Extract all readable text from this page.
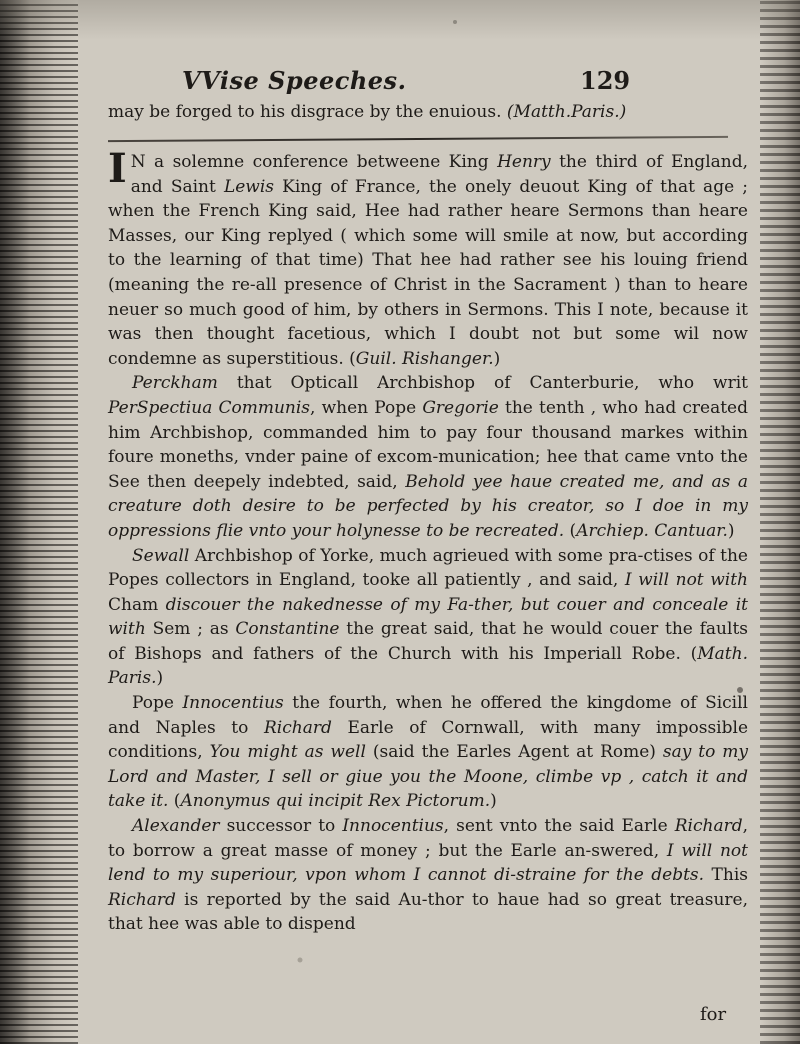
VVise Speeches.	129
may be forged to his disgrace by the enuious. (Matth.Paris.)

I N a solemne conference betweene King Henry the third of England, and Saint Lewis King of France, the onely deuout King of that age ; when the French King said, Hee had rather heare Sermons than heare Masses, our King replyed ( which some will smile at now, but according to the learning of that time) That hee had rather see his louing friend (meaning the re-all presence of Christ in the Sacrament ) than to heare neuer so much good of him, by others in Sermons. This I note, because it was then thought facetious, which I doubt not but some wil now condemne as superstitious. (Guil. Rishanger.)

Perckham that Opticall Archbishop of Canterburie, who writ PerSpectiua Communis, when Pope Gregorie the tenth , who had created him Archbishop, commanded him to pay four thousand markes within foure moneths, vnder paine of excom-munication; hee that came vnto the See then deepely indebted, said, Behold yee haue created me, and as a creature doth desire to be perfected by his creator, so I doe in my oppressions flie vnto your holynesse to be recreated. (Archiep. Cantuar.)

Sewall Archbishop of Yorke, much agrieued with some pra-ctises of the Popes collectors in England, tooke all patiently , and said, I will not with Cham discouer the nakednesse of my Fa-ther, but couer and conceale it with Sem ; as Constantine the great said, that he would couer the faults of Bishops and fathers of the Church with his Imperiall Robe. (Math. Paris.)

Pope Innocentius the fourth, when he offered the kingdome of Sicill and Naples to Richard Earle of Cornwall, with many impossible conditions, You might as well (said the Earles Agent at Rome) say to my Lord and Master, I sell or giue you the Moone, climbe vp , catch it and take it. (Anonymus qui incipit Rex Pictorum.)

Alexander successor to Innocentius, sent vnto the said Earle Richard, to borrow a great masse of money ; but the Earle an-swered, I will not lend to my superiour, vpon whom I cannot di-straine for the debts. This Richard is reported by the said Au-thor to haue had so great treasure, that hee was able to dispend

for
